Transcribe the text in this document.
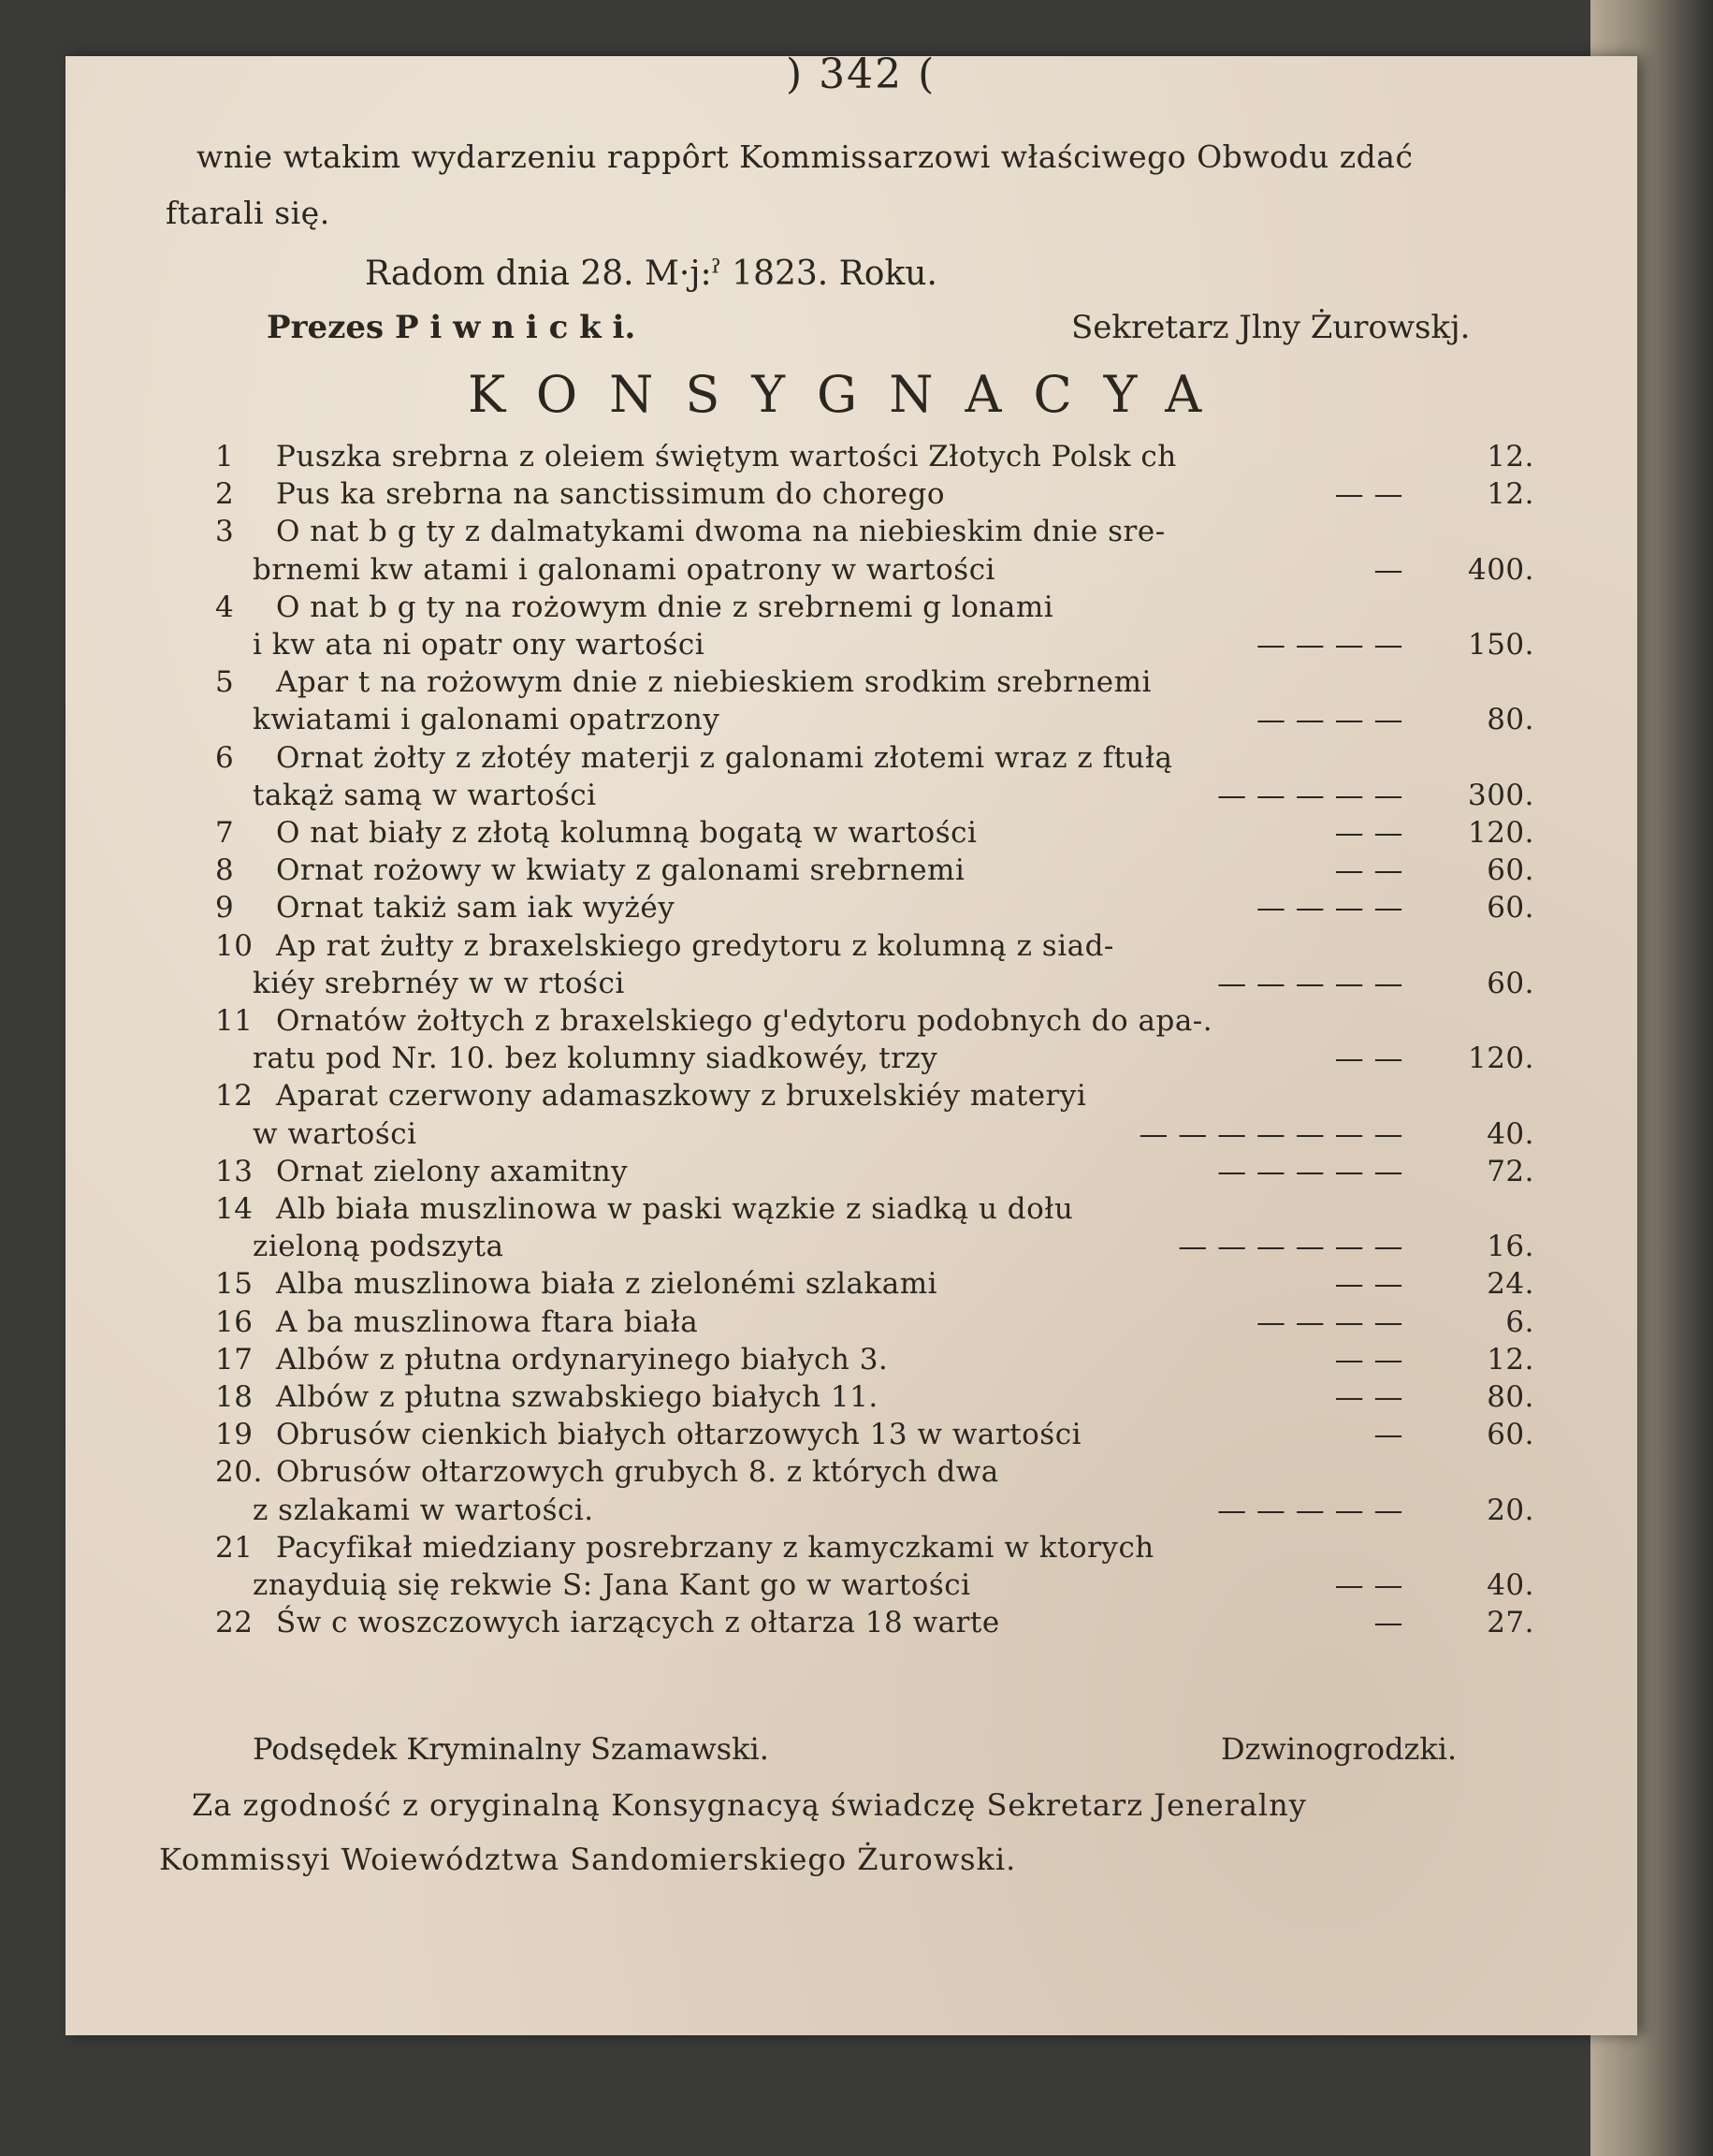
) 342 (
wnie wtakim wydarzeniu rappôrt Kommissarzowi właściwego Obwodu zdać
ftarali się.
Radom dnia 28. M·j:ˀ 1823. Roku.
Prezes P i w n i c k i.	Sekretarz Jlny Żurowskj.
KONSYGNACYA
1	Puszka srebrna z oleiem świętym wartości Złotych Polsk ch	12.
2	Pus ka srebrna na sanctissimum do chorego	— —	12.
3	O nat b g ty z dalmatykami dwoma na niebieskim dnie sre-
brnemi kw atami i galonami opatrony w wartości	—	400.
4	O nat b g ty na rożowym dnie z srebrnemi g lonami
i kw ata ni opatr ony wartości	— — — —	150.
5	Apar t na rożowym dnie z niebieskiem srodkim srebrnemi
kwiatami i galonami opatrzony	— — — —	80.
6	Ornat żołty z złotéy materji z galonami złotemi wraz z ftułą
takąż samą w wartości	— — — — —	300.
7	O nat biały z złotą kolumną bogatą w wartości	— —	120.
8	Ornat rożowy w kwiaty z galonami srebrnemi	— —	60.
9	Ornat takiż sam iak wyżéy	— — — —	60.
10 Ap rat żułty z braxelskiego gredytoru z kolumną z siad-
kiéy srebrnéy w w rtości	— — — — —	60.
11 Ornatów żołtych z braxelskiego g'edytoru podobnych do apa-.
ratu pod Nr. 10. bez kolumny siadkowéy, trzy	— —	120.
12 Aparat czerwony adamaszkowy z bruxelskiéy materyi
w wartości	— — — — — — —	40.
13 Ornat zielony axamitny	— — — — —	72.
14 Alb biała muszlinowa w paski wązkie z siadką u dołu
zieloną podszyta	— — — — — —	16.
15 Alba muszlinowa biała z zielonémi szlakami	— —	24.
16 A ba muszlinowa ftara biała	— — — —	6.
17 Albów z płutna ordynaryinego białych 3.	— —	12.
18 Albów z płutna szwabskiego białych 11.	— —	80.
19 Obrusów cienkich białych ołtarzowych 13 w wartości	—	60.
20. Obrusów ołtarzowych grubych 8. z których dwa
z szlakami w wartości.	— — — — —	20.
21 Pacyfikał miedziany posrebrzany z kamyczkami w ktorych
znayduią się rekwie S: Jana Kant go w wartości	— —	40.
22 Św c woszczowych iarzących z ołtarza 18 warte	—	27.
Podsędek Kryminalny Szamawski.	Dzwinogrodzki.
Za zgodność z oryginalną Konsygnacyą świadczę Sekretarz Jeneralny
Kommissyi Woiewództwa Sandomierskiego Żurowski.
